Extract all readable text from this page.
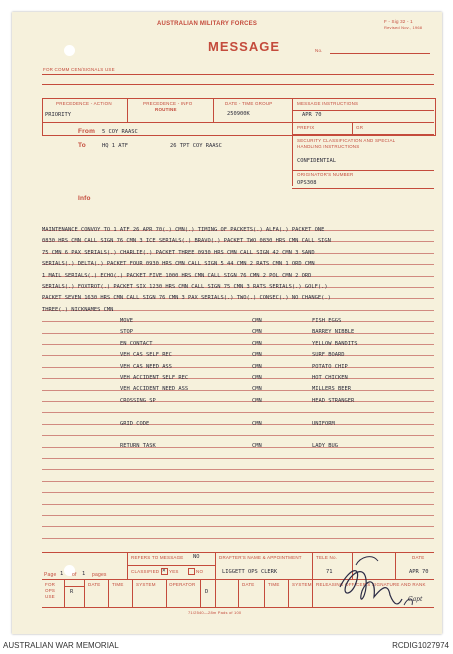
AUSTRALIAN MILITARY FORCES	F - Sig 32 - 1
Revised Nov., 1968
MESSAGE	No.
FOR COMM CEN/SIGNALS USE
PRECEDENCE - ACTION
PRIORITY
PRECEDENCE - INFO
ROUTINE
DATE - TIME GROUP
250900K
MESSAGE INSTRUCTIONS
APR 70
PREFIX	GR
From 5 COY RAASC
To	HQ 1 ATF	26 TPT COY RAASC
SECURITY CLASSIFICATION AND SPECIAL
HANDLING INSTRUCTIONS
CONFIDENTIAL
ORIGINATOR'S NUMBER
OPS308
Info
MAINTENANCE CONVOY TO 1 ATF 26 APR 70(.) CMN(.) TIMING OF PACKETS(.) ALFA(.) PACKET ONE
0830 HRS CMN CALL SIGN 76 CMN 3 ICE SERIALS(.) BRAVO(.) PACKET TWO 0830 HRS CMN CALL SIGN
75 CMN 6 PAX SERIALS(.) CHARLIE(.) PACKET THREE 0930 HRS CMN CALL SIGN 42 CMN 3 SAND
SERIALS(.) DELTA(.) PACKET FOUR 0930 HRS CMN CALL SIGN 5 44 CMN 2 RATS CMN 1 ORD CMN
1 MAIL SERIALS(.) ECHO(.) PACKET FIVE 1000 HRS CMN CALL SIGN 76 CMN 2 POL CMN 2 ORD
SERIALS(.) FOXTROT(.) PACKET SIX 1230 HRS CMN CALL SIGN 75 CMN 3 RATS SERIALS(.) GOLF(.)
PACKET SEVEN 1630 HRS CMN CALL SIGN 76 CMN 3 PAX SERIALS(.) TWO(.) CONSEC(.) NO CHANGE(.)
THREE(.) NICKNAMES CMN
MOVE	CMN	FISH EGGS
STOP	CMN	BARREY NIBBLE
EN CONTACT	CMN	YELLOW BANDITS
VEH CAS SELF REC	CMN	SURF BOARD
VEH CAS NEED ASS	CMN	POTATO CHIP
VEH ACCIDENT SELF REC	CMN	HOT CHICKEN
VEH ACCIDENT NEED ASS	CMN	MILLERS BEER
CROSSING SP	CMN	HEAD STRANGER
GRID CODE	CMN	UNIFORM
RETURN TASK	CMN	LADY BUG
REFERS TO MESSAGE NO
CLASSIFIED × YES	NO
DRAFTER'S NAME & APPOINTMENT
LIGGETT OPS CLERK
TELE No.
71
DATE
APR 70
Page 1 of 1 pages
FOR
OPS
USE
R
DATE	TIME	SYSTEM	OPERATOR
D
DATE	TIME	SYSTEM RELEASING OFFICER'S SIGNATURE AND RANK
71/2540—28m Pads of 100
Capt
AUSTRALIAN WAR MEMORIAL	RCDIG1027974
